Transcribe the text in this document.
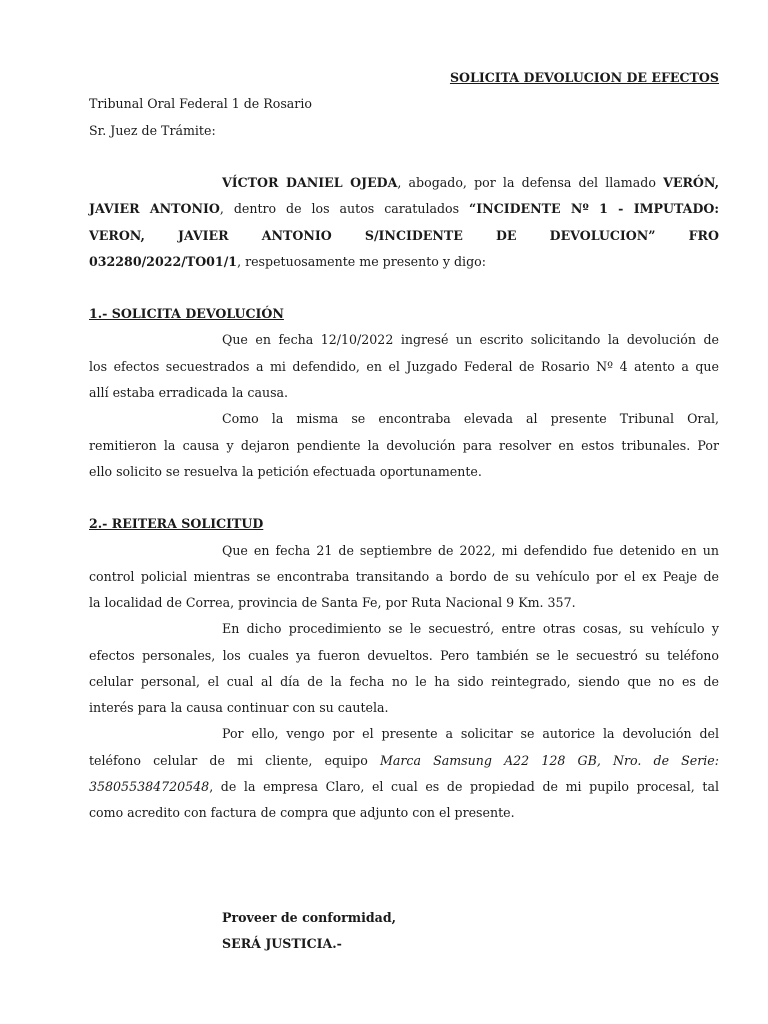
SOLICITA DEVOLUCION DE EFECTOS
Tribunal Oral Federal 1 de Rosario
Sr. Juez de Trámite:
VÍCTOR DANIEL OJEDA, abogado, por la defensa del llamado VERÓN,
JAVIER ANTONIO, dentro de los autos caratulados “INCIDENTE Nº 1 - IMPUTADO:
VERON, JAVIER ANTONIO S/INCIDENTE DE DEVOLUCION” FRO
032280/2022/TO01/1, respetuosamente me presento y digo:
1.- SOLICITA DEVOLUCIÓN
Que en fecha 12/10/2022 ingresé un escrito solicitando la devolución de
los efectos secuestrados a mi defendido, en el Juzgado Federal de Rosario Nº 4 atento a que
allí estaba erradicada la causa.
Como la misma se encontraba elevada al presente Tribunal Oral,
remitieron la causa y dejaron pendiente la devolución para resolver en estos tribunales. Por
ello solicito se resuelva la petición efectuada oportunamente.
2.- REITERA SOLICITUD
Que en fecha 21 de septiembre de 2022, mi defendido fue detenido en un
control policial mientras se encontraba transitando a bordo de su vehículo por el ex Peaje de
la localidad de Correa, provincia de Santa Fe, por Ruta Nacional 9 Km. 357.
En dicho procedimiento se le secuestró, entre otras cosas, su vehículo y
efectos personales, los cuales ya fueron devueltos. Pero también se le secuestró su teléfono
celular personal, el cual al día de la fecha no le ha sido reintegrado, siendo que no es de
interés para la causa continuar con su cautela.
Por ello, vengo por el presente a solicitar se autorice la devolución del
teléfono celular de mi cliente, equipo Marca Samsung A22 128 GB, Nro. de Serie:
358055384720548, de la empresa Claro, el cual es de propiedad de mi pupilo procesal, tal
como acredito con factura de compra que adjunto con el presente.
Proveer de conformidad,
SERÁ JUSTICIA.-
